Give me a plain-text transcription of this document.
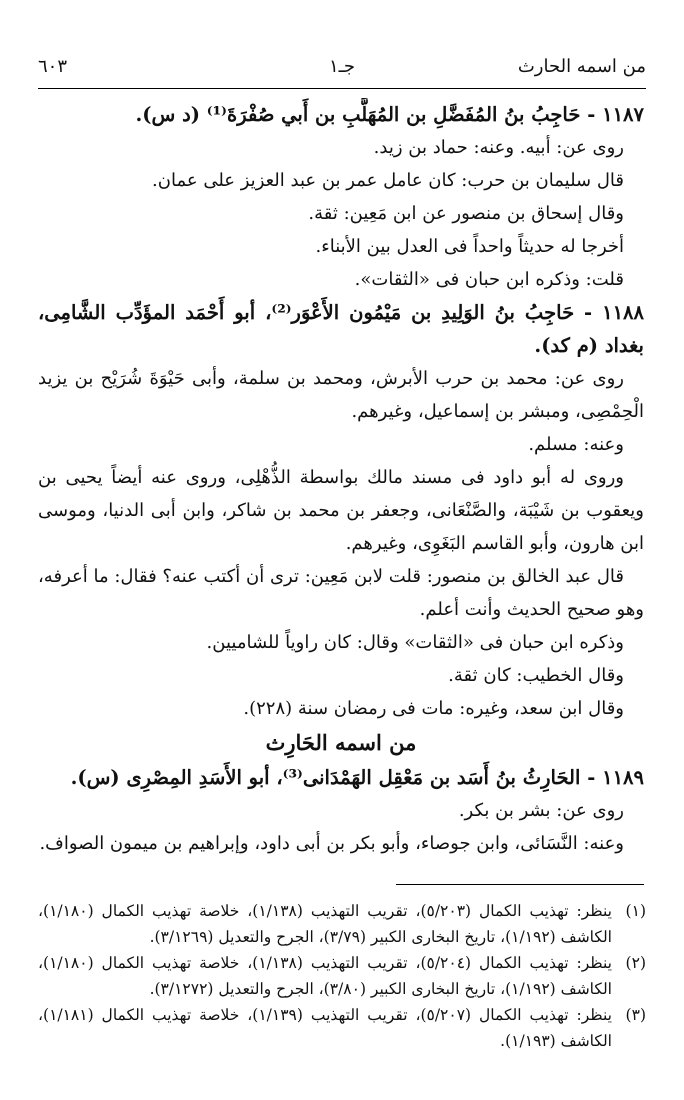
من اسمه الحارث
جـ١
٦٠٣
١١٨٧ - حَاجِبُ بنُ المُفَضَّلِ بن المُهَلَّبِ بن أَبي صُفْرَةَ⁽¹⁾ (د س).
روى عن: أبيه. وعنه: حماد بن زيد.
قال سليمان بن حرب: كان عامل عمر بن عبد العزيز على عمان.
وقال إسحاق بن منصور عن ابن مَعِين: ثقة.
أخرجا له حديثاً واحداً فى العدل بين الأبناء.
قلت: وذكره ابن حبان فى «الثقات».
١١٨٨ - حَاجِبُ بنُ الوَلِيدِ بن مَيْمُون الأَعْوَر⁽²⁾، أبو أَحْمَد المؤَدِّب الشَّامِى،
بغداد (م كد).
روى عن: محمد بن حرب الأبرش، ومحمد بن سلمة، وأبى حَيْوَةَ شُرَيْح بن يزيد
الْحِمْصِى، ومبشر بن إسماعيل، وغيرهم.
وعنه: مسلم.
وروى له أبو داود فى مسند مالك بواسطة الذُّهْلِى، وروى عنه أيضاً يحيى بن
ويعقوب بن شَيْبَة، والصَّنْعَانى، وجعفر بن محمد بن شاكر، وابن أبى الدنيا، وموسى
ابن هارون، وأبو القاسم البَغَوِى، وغيرهم.
قال عبد الخالق بن منصور: قلت لابن مَعِين: ترى أن أكتب عنه؟ فقال: ما أعرفه،
وهو صحيح الحديث وأنت أعلم.
وذكره ابن حبان فى «الثقات» وقال: كان راوياً للشاميين.
وقال الخطيب: كان ثقة.
وقال ابن سعد، وغيره: مات فى رمضان سنة (٢٢٨).
من اسمه الحَارِث
١١٨٩ - الحَارِثُ بنُ أَسَد بن مَعْقِل الهَمْدَانى⁽³⁾، أبو الأَسَدِ المِصْرِى (س).
روى عن: بشر بن بكر.
وعنه: النَّسَائى، وابن جوصاء، وأبو بكر بن أبى داود، وإبراهيم بن ميمون الصواف.
(١)
ينظر: تهذيب الكمال (٥/٢٠٣)، تقريب التهذيب (١/١٣٨)، خلاصة تهذيب الكمال (١/١٨٠)،
الكاشف (١/١٩٢)، تاريخ البخارى الكبير (٣/٧٩)، الجرح والتعديل (٣/١٢٦٩).
(٢)
ينظر: تهذيب الكمال (٥/٢٠٤)، تقريب التهذيب (١/١٣٨)، خلاصة تهذيب الكمال (١/١٨٠)،
الكاشف (١/١٩٢)، تاريخ البخارى الكبير (٣/٨٠)، الجرح والتعديل (٣/١٢٧٢).
(٣)
ينظر: تهذيب الكمال (٥/٢٠٧)، تقريب التهذيب (١/١٣٩)، خلاصة تهذيب الكمال (١/١٨١)،
الكاشف (١/١٩٣).
